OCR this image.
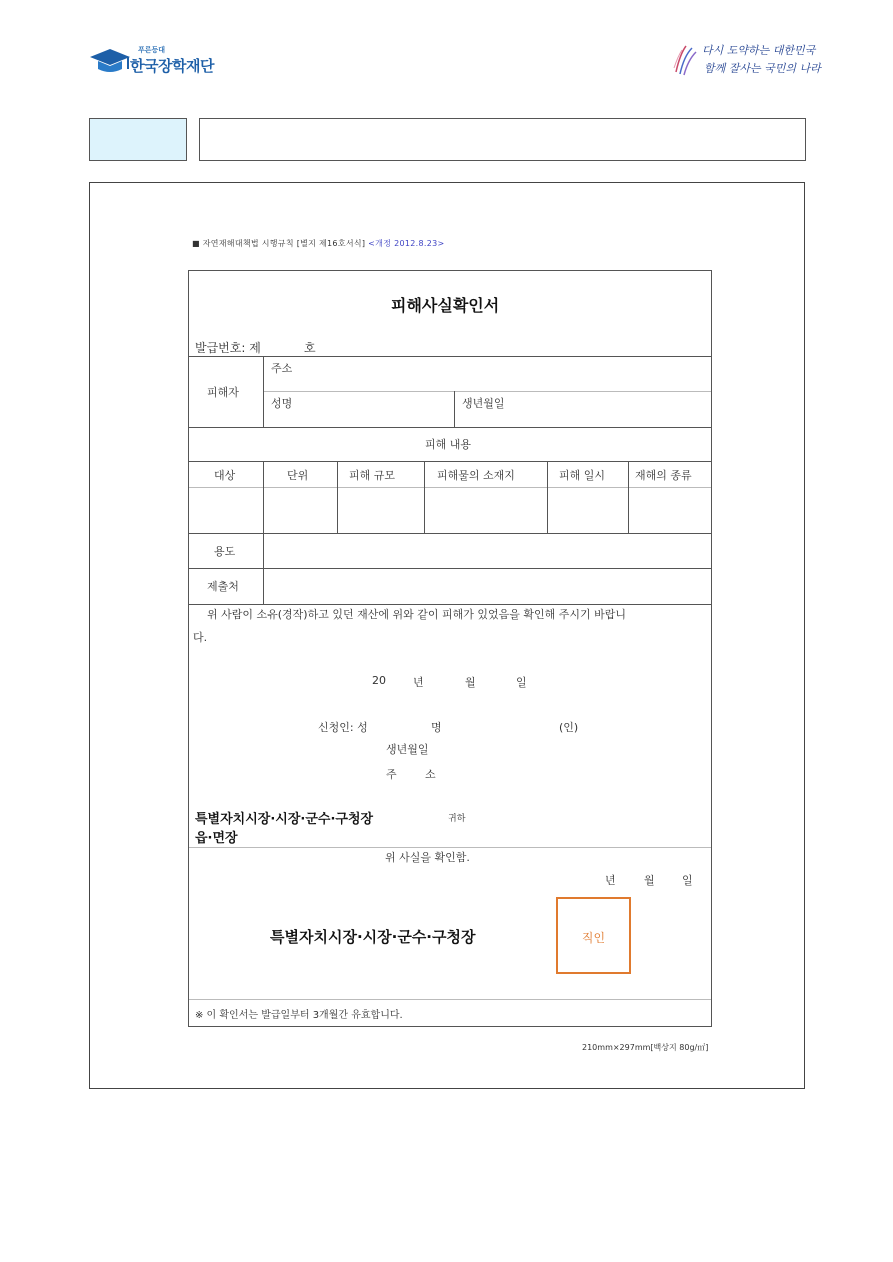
푸른등대
한국장학재단
다시 도약하는 대한민국
함께 잘사는 국민의 나라
■ 자연재해대책법 시행규칙 [별지 제16호서식] <개정 2012.8.23>
피해사실확인서
발급번호: 제	호
피해자
주소
성명	생년월일
피해 내용
대상	단위	피해 규모	피해물의 소재지	피해 일시	재해의 종류
용도
제출처
위 사람이 소유(경작)하고 있던 재산에 위와 같이 피해가 있었음을 확인해 주시기 바랍니
다.
20 년	월	일
신청인: 성	명	(인)
생년월일
주	소
특별자치시장·시장·군수·구청장	귀하
읍·면장
위 사실을 확인함.
년	월 일
특별자치시장·시장·군수·구청장	직인
※ 이 확인서는 발급일부터 3개월간 유효합니다.
210mm×297mm[백상지 80g/㎡]
